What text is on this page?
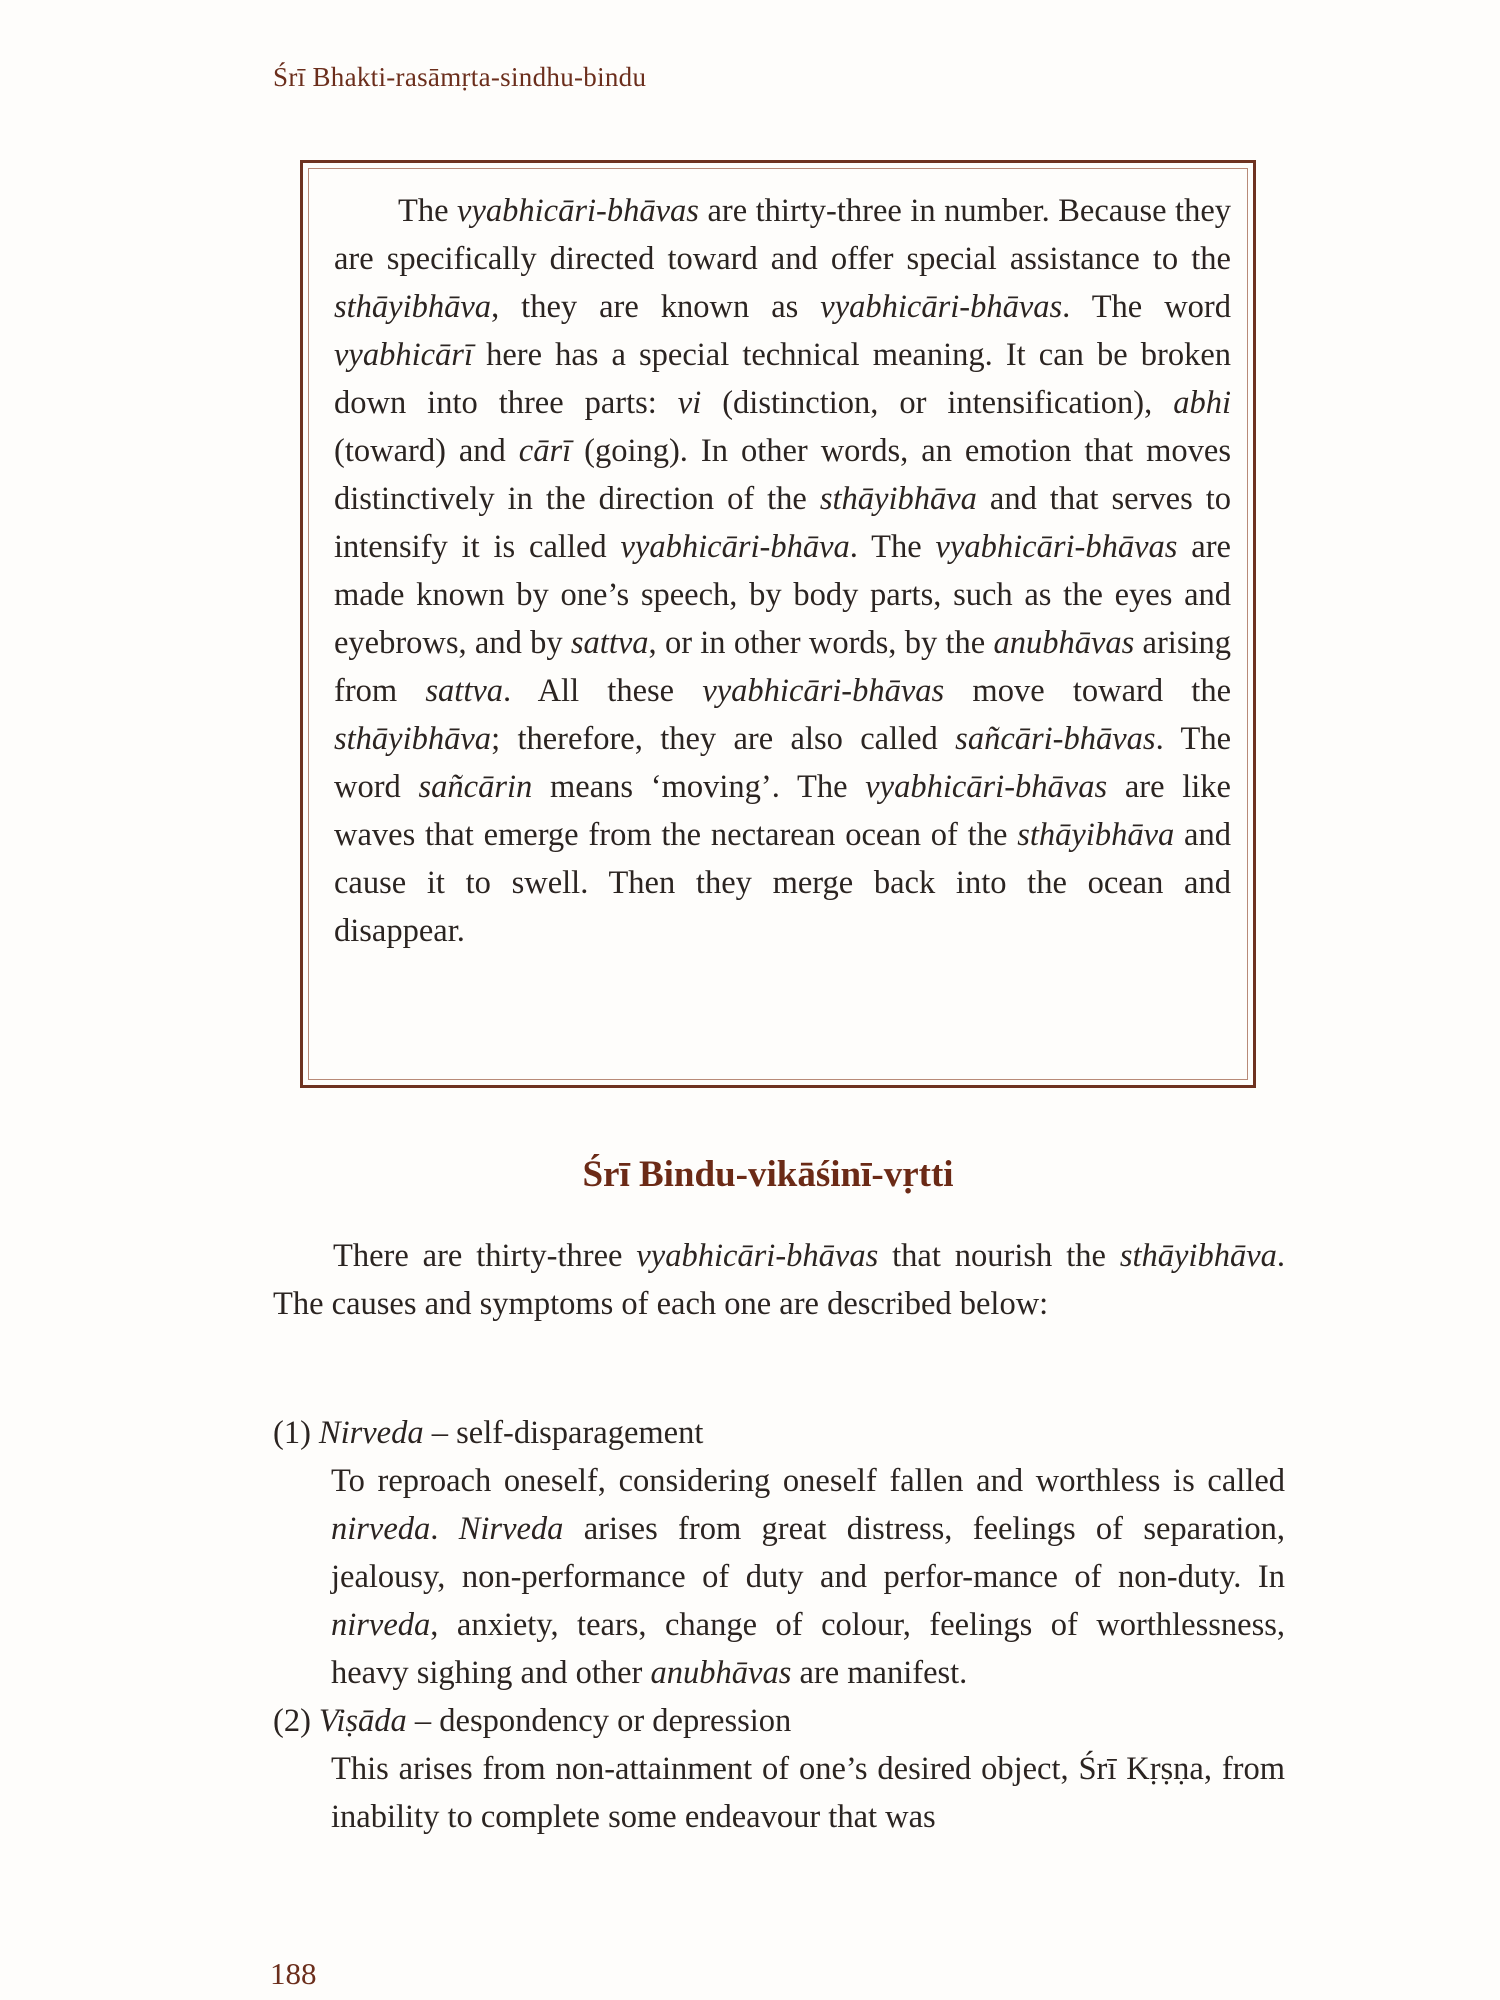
Śrī Bhakti-rasāmṛta-sindhu-bindu

The vyabhicāri-bhāvas are thirty-three in number. Because they are specifically directed toward and offer special assistance to the sthāyibhāva, they are known as vyabhicāri-bhāvas. The word vyabhicārī here has a special technical meaning. It can be broken down into three parts: vi (distinction, or intensification), abhi (toward) and cārī (going). In other words, an emotion that moves distinctively in the direction of the sthāyibhāva and that serves to intensify it is called vyabhicāri-bhāva. The vyabhicāri-bhāvas are made known by one’s speech, by body parts, such as the eyes and eyebrows, and by sattva, or in other words, by the anubhāvas arising from sattva. All these vyabhicāri-bhāvas move toward the sthāyibhāva; therefore, they are also called sañcāri-bhāvas. The word sañcārin means ‘moving’. The vyabhicāri-bhāvas are like waves that emerge from the nectarean ocean of the sthāyibhāva and cause it to swell. Then they merge back into the ocean and disappear.

Śrī Bindu-vikāśinī-vṛtti

There are thirty-three vyabhicāri-bhāvas that nourish the sthāyibhāva. The causes and symptoms of each one are described below:

(1) Nirveda – self-disparagement

To reproach oneself, considering oneself fallen and worthless is called nirveda. Nirveda arises from great distress, feelings of separation, jealousy, non-performance of duty and perfor-mance of non-duty. In nirveda, anxiety, tears, change of colour, feelings of worthlessness, heavy sighing and other anubhāvas are manifest.

(2) Viṣāda – despondency or depression

This arises from non-attainment of one’s desired object, Śrī Kṛṣṇa, from inability to complete some endeavour that was

188
